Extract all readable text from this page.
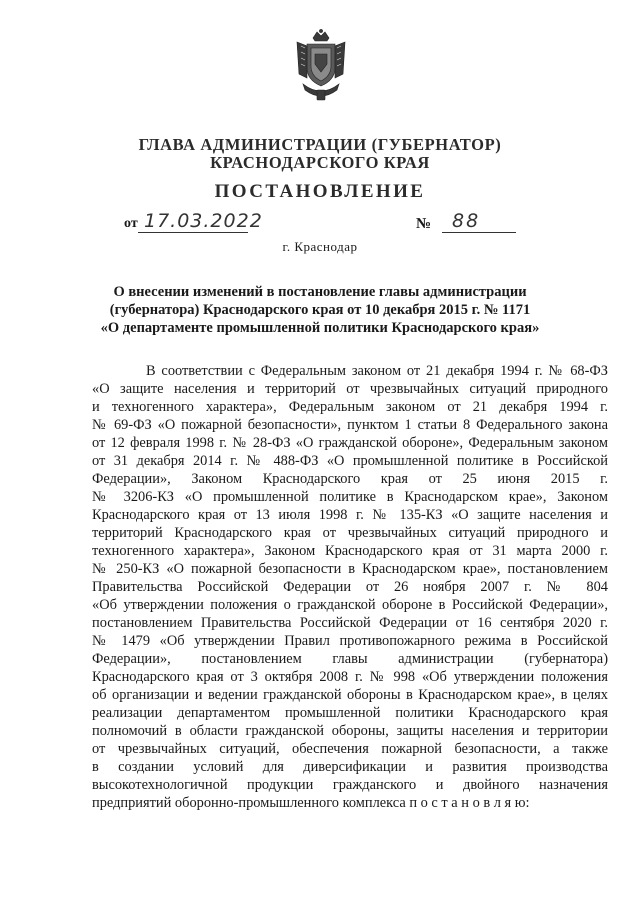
ГЛАВА АДМИНИСТРАЦИИ (ГУБЕРНАТОР)
КРАСНОДАРСКОГО КРАЯ
ПОСТАНОВЛЕНИЕ
от 17.03.2022	№ 88
г. Краснодар
О внесении изменений в постановление главы администрации
(губернатора) Краснодарского края от 10 декабря 2015 г. № 1171
«О департаменте промышленной политики Краснодарского края»
В соответствии с Федеральным законом от 21 декабря 1994 г. № 68-ФЗ
«О защите населения и территорий от чрезвычайных ситуаций природного
и техногенного характера», Федеральным законом от 21 декабря 1994 г.
№ 69-ФЗ «О пожарной безопасности», пунктом 1 статьи 8 Федерального закона
от 12 февраля 1998 г. № 28-ФЗ «О гражданской обороне», Федеральным законом
от 31 декабря 2014 г. № 488-ФЗ «О промышленной политике в Российской
Федерации», Законом Краснодарского края от 25 июня 2015 г.
№ 3206-КЗ «О промышленной политике в Краснодарском крае», Законом
Краснодарского края от 13 июля 1998 г. № 135-КЗ «О защите населения и
территорий Краснодарского края от чрезвычайных ситуаций природного и
техногенного характера», Законом Краснодарского края от 31 марта 2000 г.
№ 250-КЗ «О пожарной безопасности в Краснодарском крае», постановлением
Правительства Российской Федерации от 26 ноября 2007 г. № 804
«Об утверждении положения о гражданской обороне в Российской Федерации»,
постановлением Правительства Российской Федерации от 16 сентября 2020 г.
№ 1479 «Об утверждении Правил противопожарного режима в Российской
Федерации», постановлением главы администрации (губернатора)
Краснодарского края от 3 октября 2008 г. № 998 «Об утверждении положения
об организации и ведении гражданской обороны в Краснодарском крае», в целях
реализации департаментом промышленной политики Краснодарского края
полномочий в области гражданской обороны, защиты населения и территории
от чрезвычайных ситуаций, обеспечения пожарной безопасности, а также
в создании условий для диверсификации и развития производства
высокотехнологичной продукции гражданского и двойного назначения
предприятий оборонно-промышленного комплекса п о с т а н о в л я ю:
